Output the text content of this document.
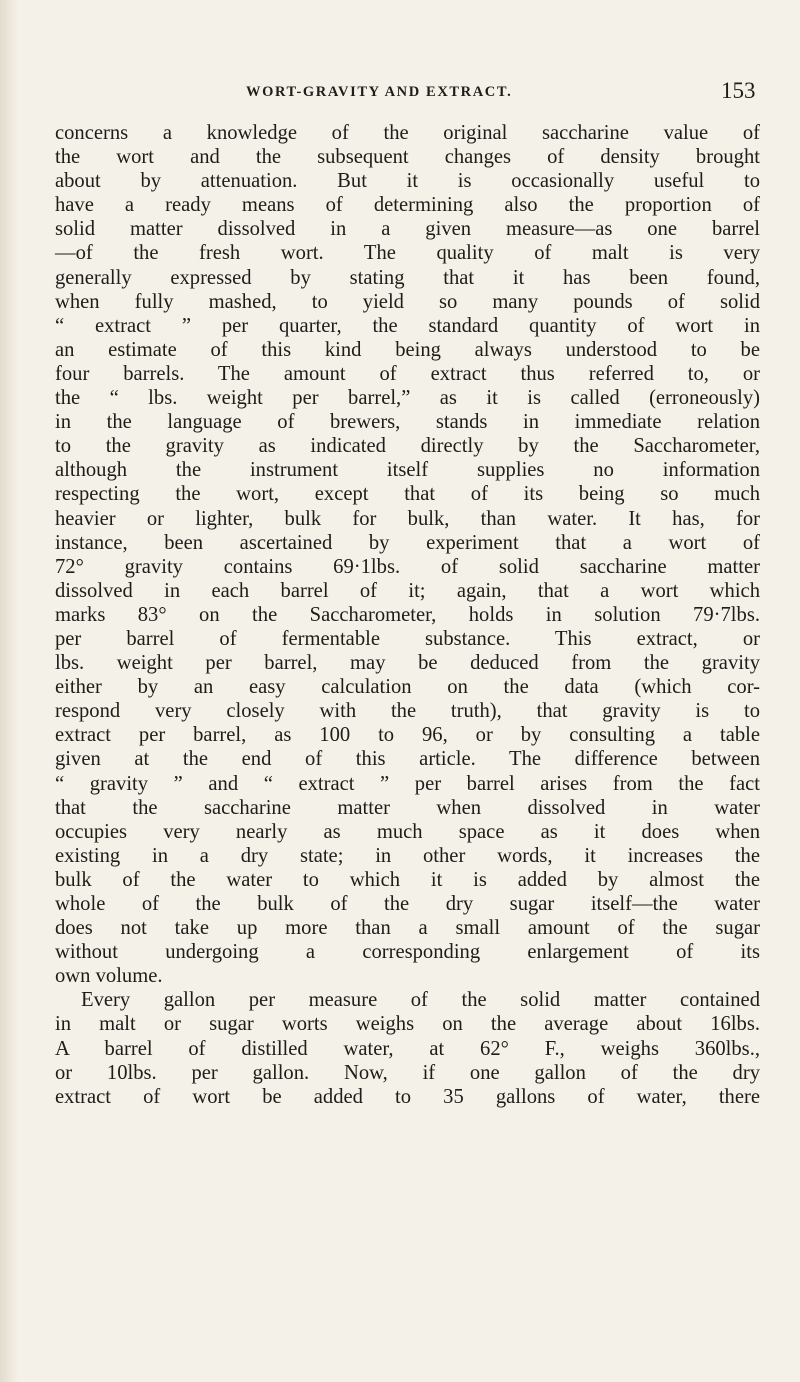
WORT-GRAVITY AND EXTRACT.	153
concerns a knowledge of the original saccharine value of
the wort and the subsequent changes of density brought
about by attenuation. But it is occasionally useful to
have a ready means of determining also the proportion of
solid matter dissolved in a given measure—as one barrel
—of the fresh wort. The quality of malt is very
generally expressed by stating that it has been found,
when fully mashed, to yield so many pounds of solid
“ extract ” per quarter, the standard quantity of wort in
an estimate of this kind being always understood to be
four barrels. The amount of extract thus referred to, or
the “ lbs. weight per barrel,” as it is called (erroneously)
in the language of brewers, stands in immediate relation
to the gravity as indicated directly by the Saccharometer,
although the instrument itself supplies no information
respecting the wort, except that of its being so much
heavier or lighter, bulk for bulk, than water. It has, for
instance, been ascertained by experiment that a wort of
72° gravity contains 69·1lbs. of solid saccharine matter
dissolved in each barrel of it; again, that a wort which
marks 83° on the Saccharometer, holds in solution 79·7lbs.
per barrel of fermentable substance. This extract, or
lbs. weight per barrel, may be deduced from the gravity
either by an easy calculation on the data (which cor-
respond very closely with the truth), that gravity is to
extract per barrel, as 100 to 96, or by consulting a table
given at the end of this article. The difference between
“ gravity ” and “ extract ” per barrel arises from the fact
that the saccharine matter when dissolved in water
occupies very nearly as much space as it does when
existing in a dry state; in other words, it increases the
bulk of the water to which it is added by almost the
whole of the bulk of the dry sugar itself—the water
does not take up more than a small amount of the sugar
without undergoing a corresponding enlargement of its
own volume.
Every gallon per measure of the solid matter contained
in malt or sugar worts weighs on the average about 16lbs.
A barrel of distilled water, at 62° F., weighs 360lbs.,
or 10lbs. per gallon. Now, if one gallon of the dry
extract of wort be added to 35 gallons of water, there
